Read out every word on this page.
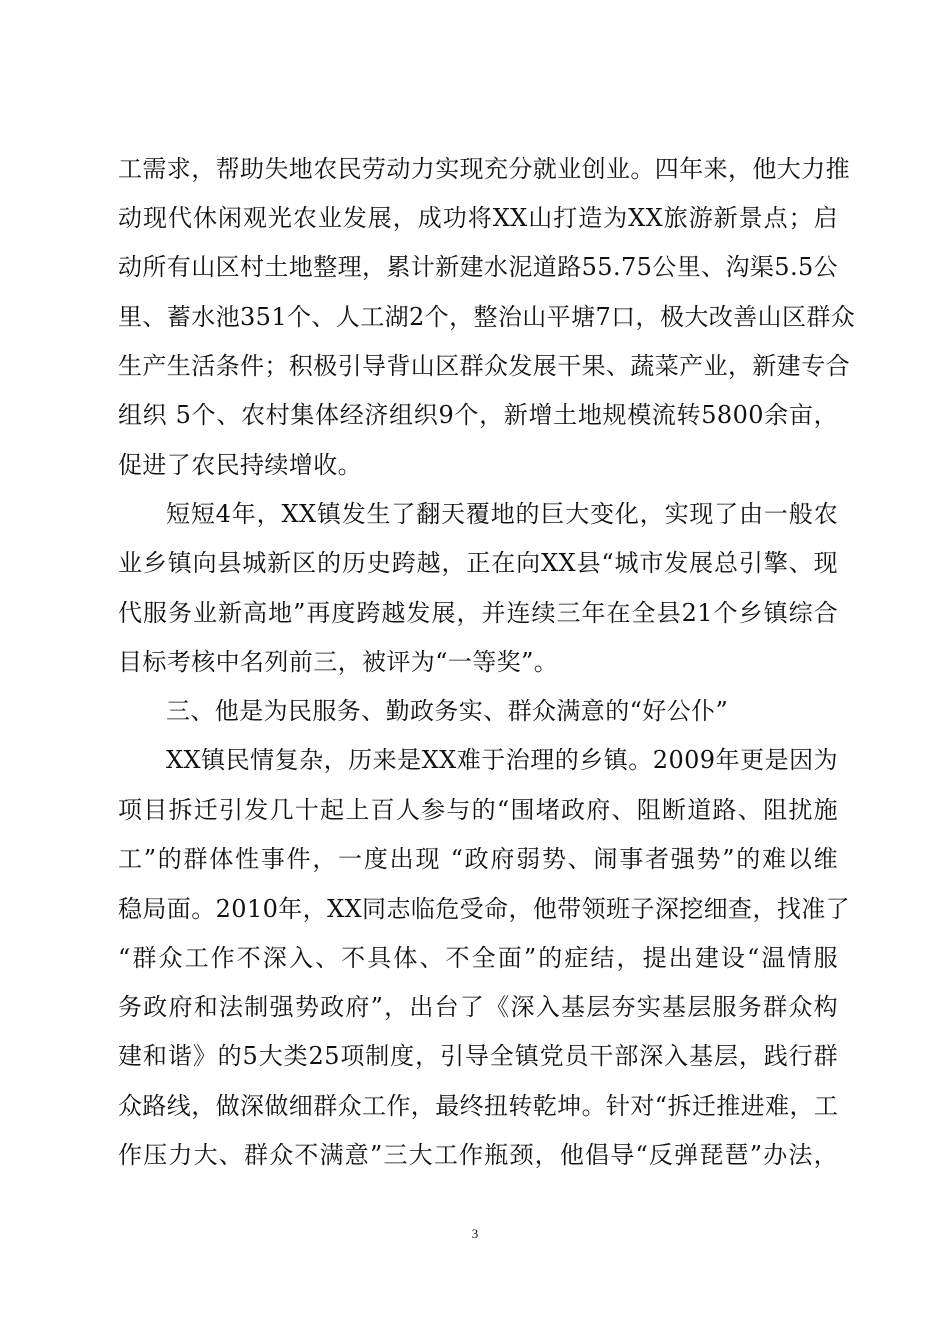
工需求，帮助失地农民劳动力实现充分就业创业。四年来，他大力推
动现代休闲观光农业发展，成功将XX山打造为XX旅游新景点；启
动所有山区村土地整理，累计新建水泥道路55.75公里、沟渠5.5公
里、蓄水池351个、人工湖2个，整治山平塘7口，极大改善山区群众
生产生活条件；积极引导背山区群众发展干果、蔬菜产业，新建专合
组织 5个、农村集体经济组织9个，新增土地规模流转5800余亩，
促进了农民持续增收。
短短4年，XX镇发生了翻天覆地的巨大变化，实现了由一般农
业乡镇向县城新区的历史跨越，正在向XX县“城市发展总引擎、现
代服务业新高地”再度跨越发展，并连续三年在全县21个乡镇综合
目标考核中名列前三，被评为“一等奖”。
三、他是为民服务、勤政务实、群众满意的“好公仆”
XX镇民情复杂，历来是XX难于治理的乡镇。2009年更是因为
项目拆迁引发几十起上百人参与的“围堵政府、阻断道路、阻扰施
工”的群体性事件，一度出现 “政府弱势、闹事者强势”的难以维
稳局面。2010年，XX同志临危受命，他带领班子深挖细查，找准了
“群众工作不深入、不具体、不全面”的症结，提出建设“温情服
务政府和法制强势政府”，出台了《深入基层夯实基层服务群众构
建和谐》的5大类25项制度，引导全镇党员干部深入基层，践行群
众路线，做深做细群众工作，最终扭转乾坤。针对“拆迁推进难，工
作压力大、群众不满意”三大工作瓶颈，他倡导“反弹琵琶”办法，
3
